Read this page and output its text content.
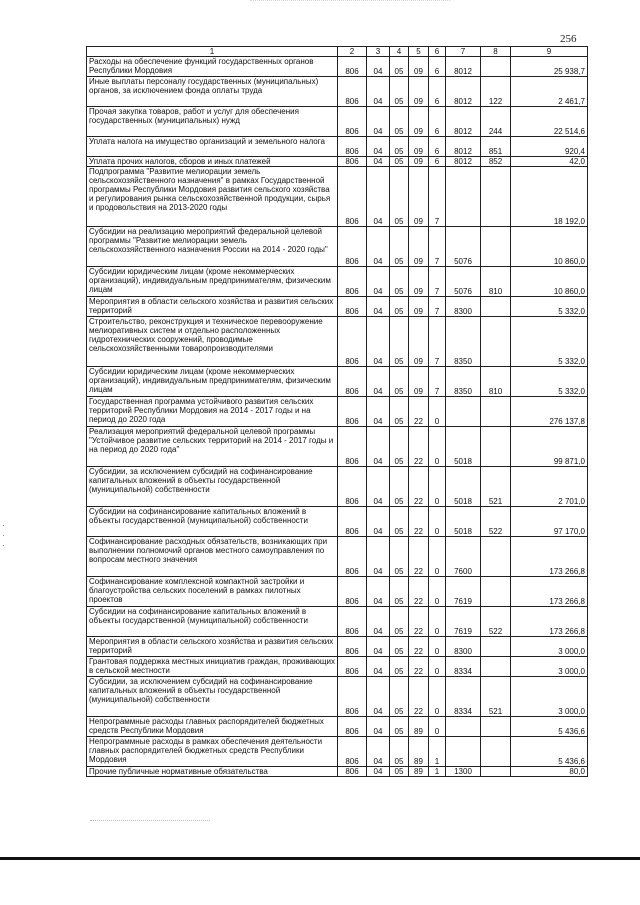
256
·
·
·
1	2	3	4	5	6	7	8	9
Расходы на обеспечение функций государственных органов Республики Мордовия	806	04	05	09	6	8012		25 938,7
Иные выплаты персоналу государственных (муниципальных) органов, за исключением фонда оплаты труда	806	04	05	09	6	8012	122	2 461,7
Прочая закупка товаров, работ и услуг для обеспечения государственных (муниципальных) нужд	806	04	05	09	6	8012	244	22 514,6
Уплата налога на имущество организаций и земельного налога	806	04	05	09	6	8012	851	920,4
Уплата прочих налогов, сборов и иных платежей	806	04	05	09	6	8012	852	42,0
Подпрограмма "Развитие мелиорации земель сельскохозяйственного назначения" в рамках Государственной программы Республики Мордовия развития сельского хозяйства и регулирования рынка сельскохозяйственной продукции, сырья и продовольствия на 2013-2020 годы	806	04	05	09	7			18 192,0
Субсидии на реализацию мероприятий федеральной целевой программы "Развитие мелиорации земель сельскохозяйственного назначения России на 2014 - 2020 годы"	806	04	05	09	7	5076		10 860,0
Субсидии юридическим лицам (кроме некоммерческих организаций), индивидуальным предпринимателям, физическим лицам	806	04	05	09	7	5076	810	10 860,0
Мероприятия в области сельского хозяйства и развития сельских территорий	806	04	05	09	7	8300		5 332,0
Строительство, реконструкция и техническое перевооружение мелиоративных систем и отдельно расположенных гидротехнических сооружений, проводимые сельскохозяйственными товаропроизводителями	806	04	05	09	7	8350		5 332,0
Субсидии юридическим лицам (кроме некоммерческих организаций), индивидуальным предпринимателям, физическим лицам	806	04	05	09	7	8350	810	5 332,0
Государственная программа устойчивого развития сельских территорий Республики Мордовия на 2014 - 2017 годы и на период до 2020 года	806	04	05	22	0			276 137,8
Реализация мероприятий федеральной целевой программы "Устойчивое развитие сельских территорий на 2014 - 2017 годы и на период до 2020 года"	806	04	05	22	0	5018		99 871,0
Субсидии, за исключением субсидий на софинансирование капитальных вложений в объекты государственной (муниципальной) собственности	806	04	05	22	0	5018	521	2 701,0
Субсидии на софинансирование капитальных вложений в объекты государственной (муниципальной) собственности	806	04	05	22	0	5018	522	97 170,0
Софинансирование расходных обязательств, возникающих при выполнении полномочий органов местного самоуправления по вопросам местного значения	806	04	05	22	0	7600		173 266,8
Софинансирование комплексной компактной застройки и благоустройства сельских поселений в рамках пилотных проектов	806	04	05	22	0	7619		173 266,8
Субсидии на софинансирование капитальных вложений в объекты государственной (муниципальной) собственности	806	04	05	22	0	7619	522	173 266,8
Мероприятия в области сельского хозяйства и развития сельских территорий	806	04	05	22	0	8300		3 000,0
Грантовая поддержка местных инициатив граждан, проживающих в сельской местности	806	04	05	22	0	8334		3 000,0
Субсидии, за исключением субсидий на софинансирование капитальных вложений в объекты государственной (муниципальной) собственности	806	04	05	22	0	8334	521	3 000,0
Непрограммные расходы главных распорядителей бюджетных средств Республики Мордовия	806	04	05	89	0			5 436,6
Непрограммные расходы в рамках обеспечения деятельности главных распорядителей бюджетных средств Республики Мордовия	806	04	05	89	1			5 436,6
Прочие публичные нормативные обязательства	806	04	05	89	1	1300		80,0
